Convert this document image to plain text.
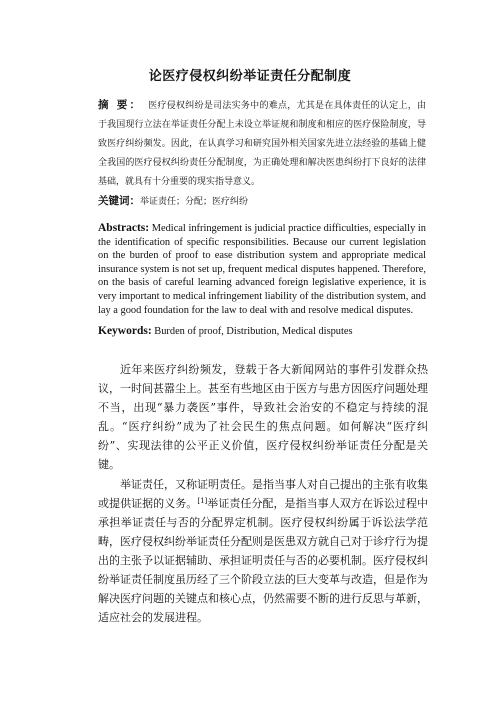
论医疗侵权纠纷举证责任分配制度
摘 要： 医疗侵权纠纷是司法实务中的难点，尤其是在具体责任的认定上，由于我国现行立法在举证责任分配上未设立举证规和制度和相应的医疗保险制度，导致医疗纠纷频发。因此，在认真学习和研究国外相关国家先进立法经验的基础上健全我国的医疗侵权纠纷责任分配制度，为正确处理和解决医患纠纷打下良好的法律基础，就具有十分重要的现实指导意义。
关键词：举证责任；分配；医疗纠纷
Abstracts: Medical infringement is judicial practice difficulties, especially in the identification of specific responsibilities. Because our current legislation on the burden of proof to ease distribution system and appropriate medical insurance system is not set up, frequent medical disputes happened. Therefore, on the basis of careful learning advanced foreign legislative experience, it is very important to medical infringement liability of the distribution system, and lay a good foundation for the law to deal with and resolve medical disputes.
Keywords: Burden of proof, Distribution, Medical disputes

近年来医疗纠纷频发，登载于各大新闻网站的事件引发群众热议，一时间甚嚣尘上。甚至有些地区由于医方与患方因医疗问题处理不当，出现“暴力袭医”事件，导致社会治安的不稳定与持续的混乱。“医疗纠纷”成为了社会民生的焦点问题。如何解决“医疗纠纷”、实现法律的公平正义价值，医疗侵权纠纷举证责任分配是关键。

举证责任，又称证明责任。是指当事人对自己提出的主张有收集或提供证据的义务。[1]举证责任分配，是指当事人双方在诉讼过程中承担举证责任与否的分配界定机制。医疗侵权纠纷属于诉讼法学范畴，医疗侵权纠纷举证责任分配则是医患双方就自己对于诊疗行为提出的主张予以证据辅助、承担证明责任与否的必要机制。医疗侵权纠纷举证责任制度虽历经了三个阶段立法的巨大变革与改造，但是作为解决医疗问题的关键点和核心点，仍然需要不断的进行反思与革新，适应社会的发展进程。
